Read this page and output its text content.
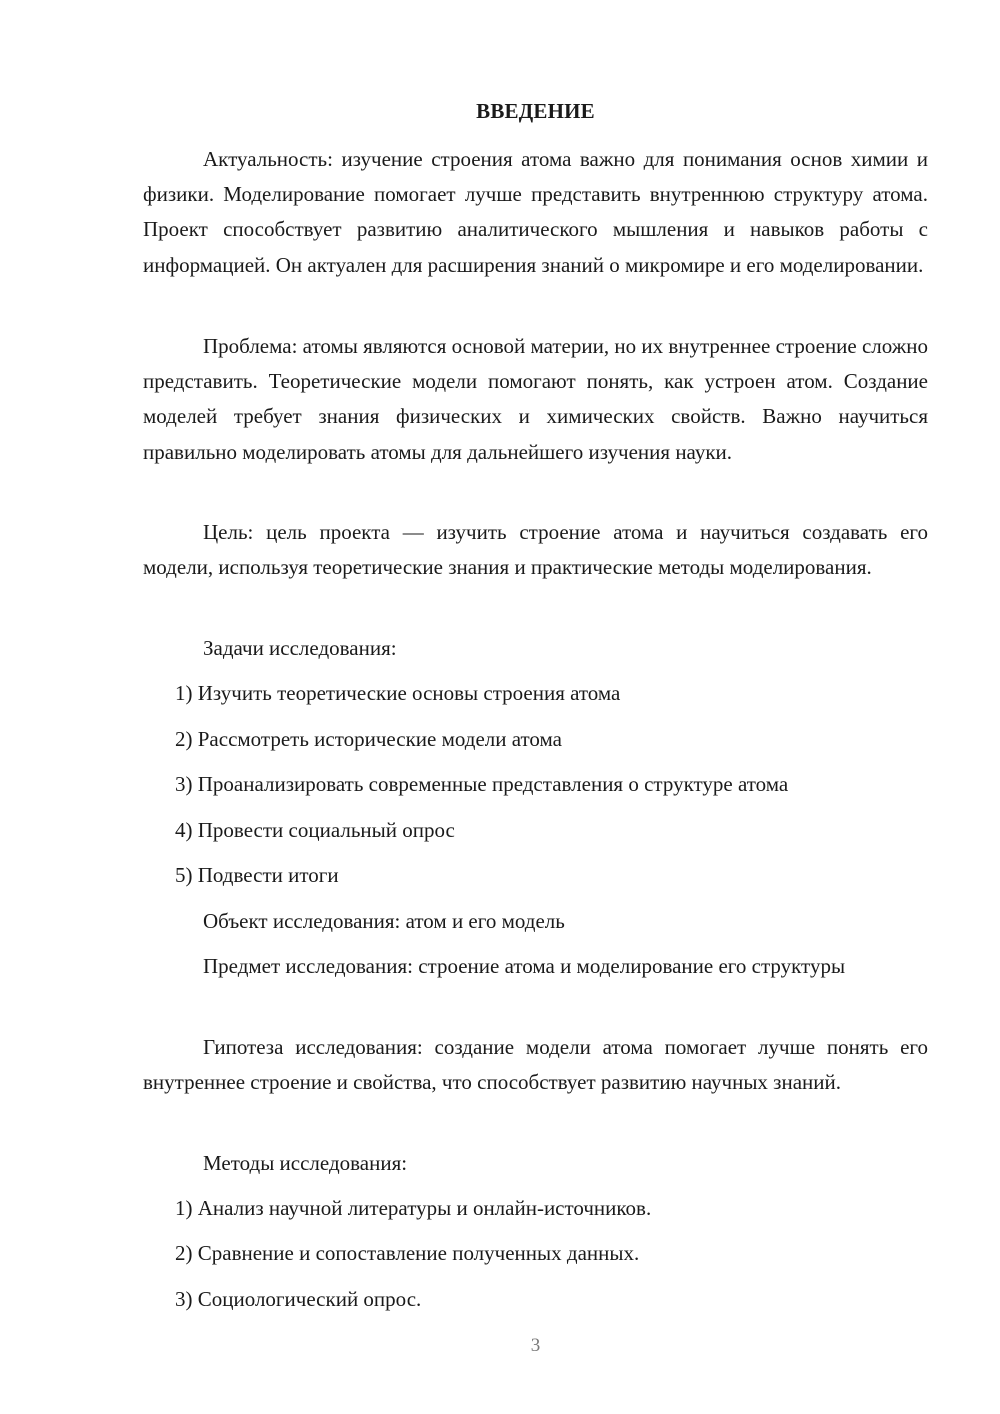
ВВЕДЕНИЕ

Актуальность: изучение строения атома важно для понимания основ химии и физики. Моделирование помогает лучше представить внутреннюю структуру атома. Проект способствует развитию аналитического мышления и навыков работы с информацией. Он актуален для расширения знаний о микромире и его моделировании.

Проблема: атомы являются основой материи, но их внутреннее строение сложно представить. Теоретические модели помогают понять, как устроен атом. Создание моделей требует знания физических и химических свойств. Важно научиться правильно моделировать атомы для дальнейшего изучения науки.

Цель: цель проекта — изучить строение атома и научиться создавать его модели, используя теоретические знания и практические методы моделирования.

Задачи исследования:
1) Изучить теоретические основы строения атома
2) Рассмотреть исторические модели атома
3) Проанализировать современные представления о структуре атома
4) Провести социальный опрос
5) Подвести итоги
Объект исследования: атом и его модель

Предмет исследования: строение атома и моделирование его структуры

Гипотеза исследования: создание модели атома помогает лучше понять его внутреннее строение и свойства, что способствует развитию научных знаний.

Методы исследования:
1) Анализ научной литературы и онлайн-источников.
2) Сравнение и сопоставление полученных данных.
3) Социологический опрос.
3
